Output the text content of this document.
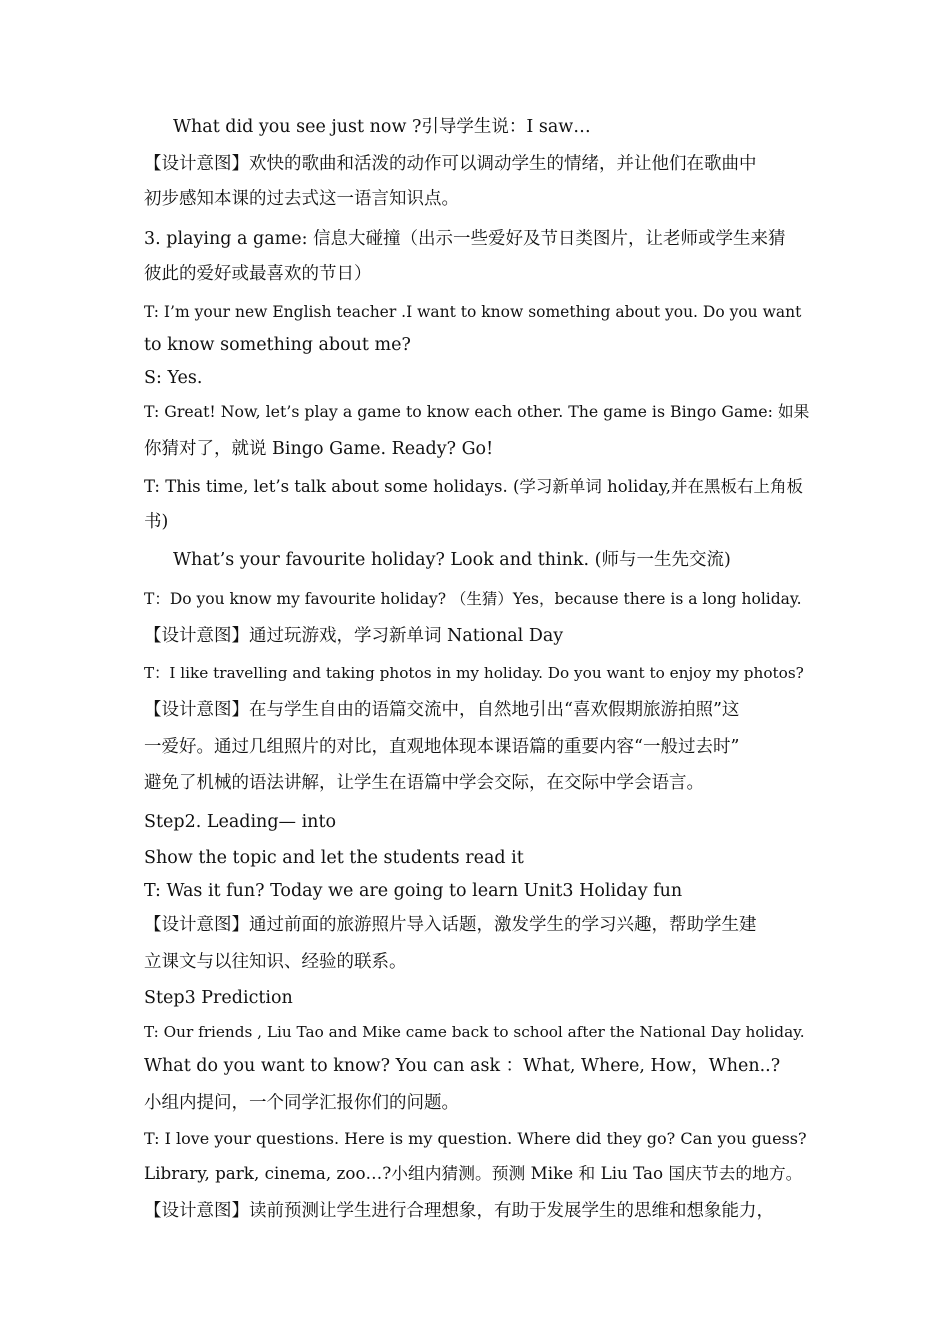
What did you see just now ?引导学生说：I saw…
【设计意图】欢快的歌曲和活泼的动作可以调动学生的情绪，并让他们在歌曲中
初步感知本课的过去式这一语言知识点。
3. playing a game: 信息大碰撞（出示一些爱好及节日类图片，让老师或学生来猜
彼此的爱好或最喜欢的节日）
T: I’m your new English teacher .I want to know something about you. Do you want
to know something about me?
S: Yes.
T: Great! Now, let’s play a game to know each other. The game is Bingo Game: 如果
你猜对了，就说 Bingo Game. Ready? Go!
T: This time, let’s talk about some holidays. (学习新单词 holiday,并在黑板右上角板
书)
What’s your favourite holiday? Look and think. (师与一生先交流)
T：Do you know my favourite holiday? （生猜）Yes，because there is a long holiday.
【设计意图】通过玩游戏，学习新单词 National Day
T：I like travelling and taking photos in my holiday. Do you want to enjoy my photos?
【设计意图】在与学生自由的语篇交流中，自然地引出“喜欢假期旅游拍照”这
一爱好。通过几组照片的对比，直观地体现本课语篇的重要内容“一般过去时”
避免了机械的语法讲解，让学生在语篇中学会交际，在交际中学会语言。
Step2. Leading— into
Show the topic and let the students read it
T: Was it fun? Today we are going to learn Unit3 Holiday fun
【设计意图】通过前面的旅游照片导入话题，激发学生的学习兴趣，帮助学生建
立课文与以往知识、经验的联系。
Step3 Prediction
T: Our friends , Liu Tao and Mike came back to school after the National Day holiday.
What do you want to know? You can ask ：What, Where, How，When..?
小组内提问，一个同学汇报你们的问题。
T: I love your questions. Here is my question. Where did they go? Can you guess?
Library, park, cinema, zoo…?小组内猜测。预测 Mike 和 Liu Tao 国庆节去的地方。
【设计意图】读前预测让学生进行合理想象，有助于发展学生的思维和想象能力，
